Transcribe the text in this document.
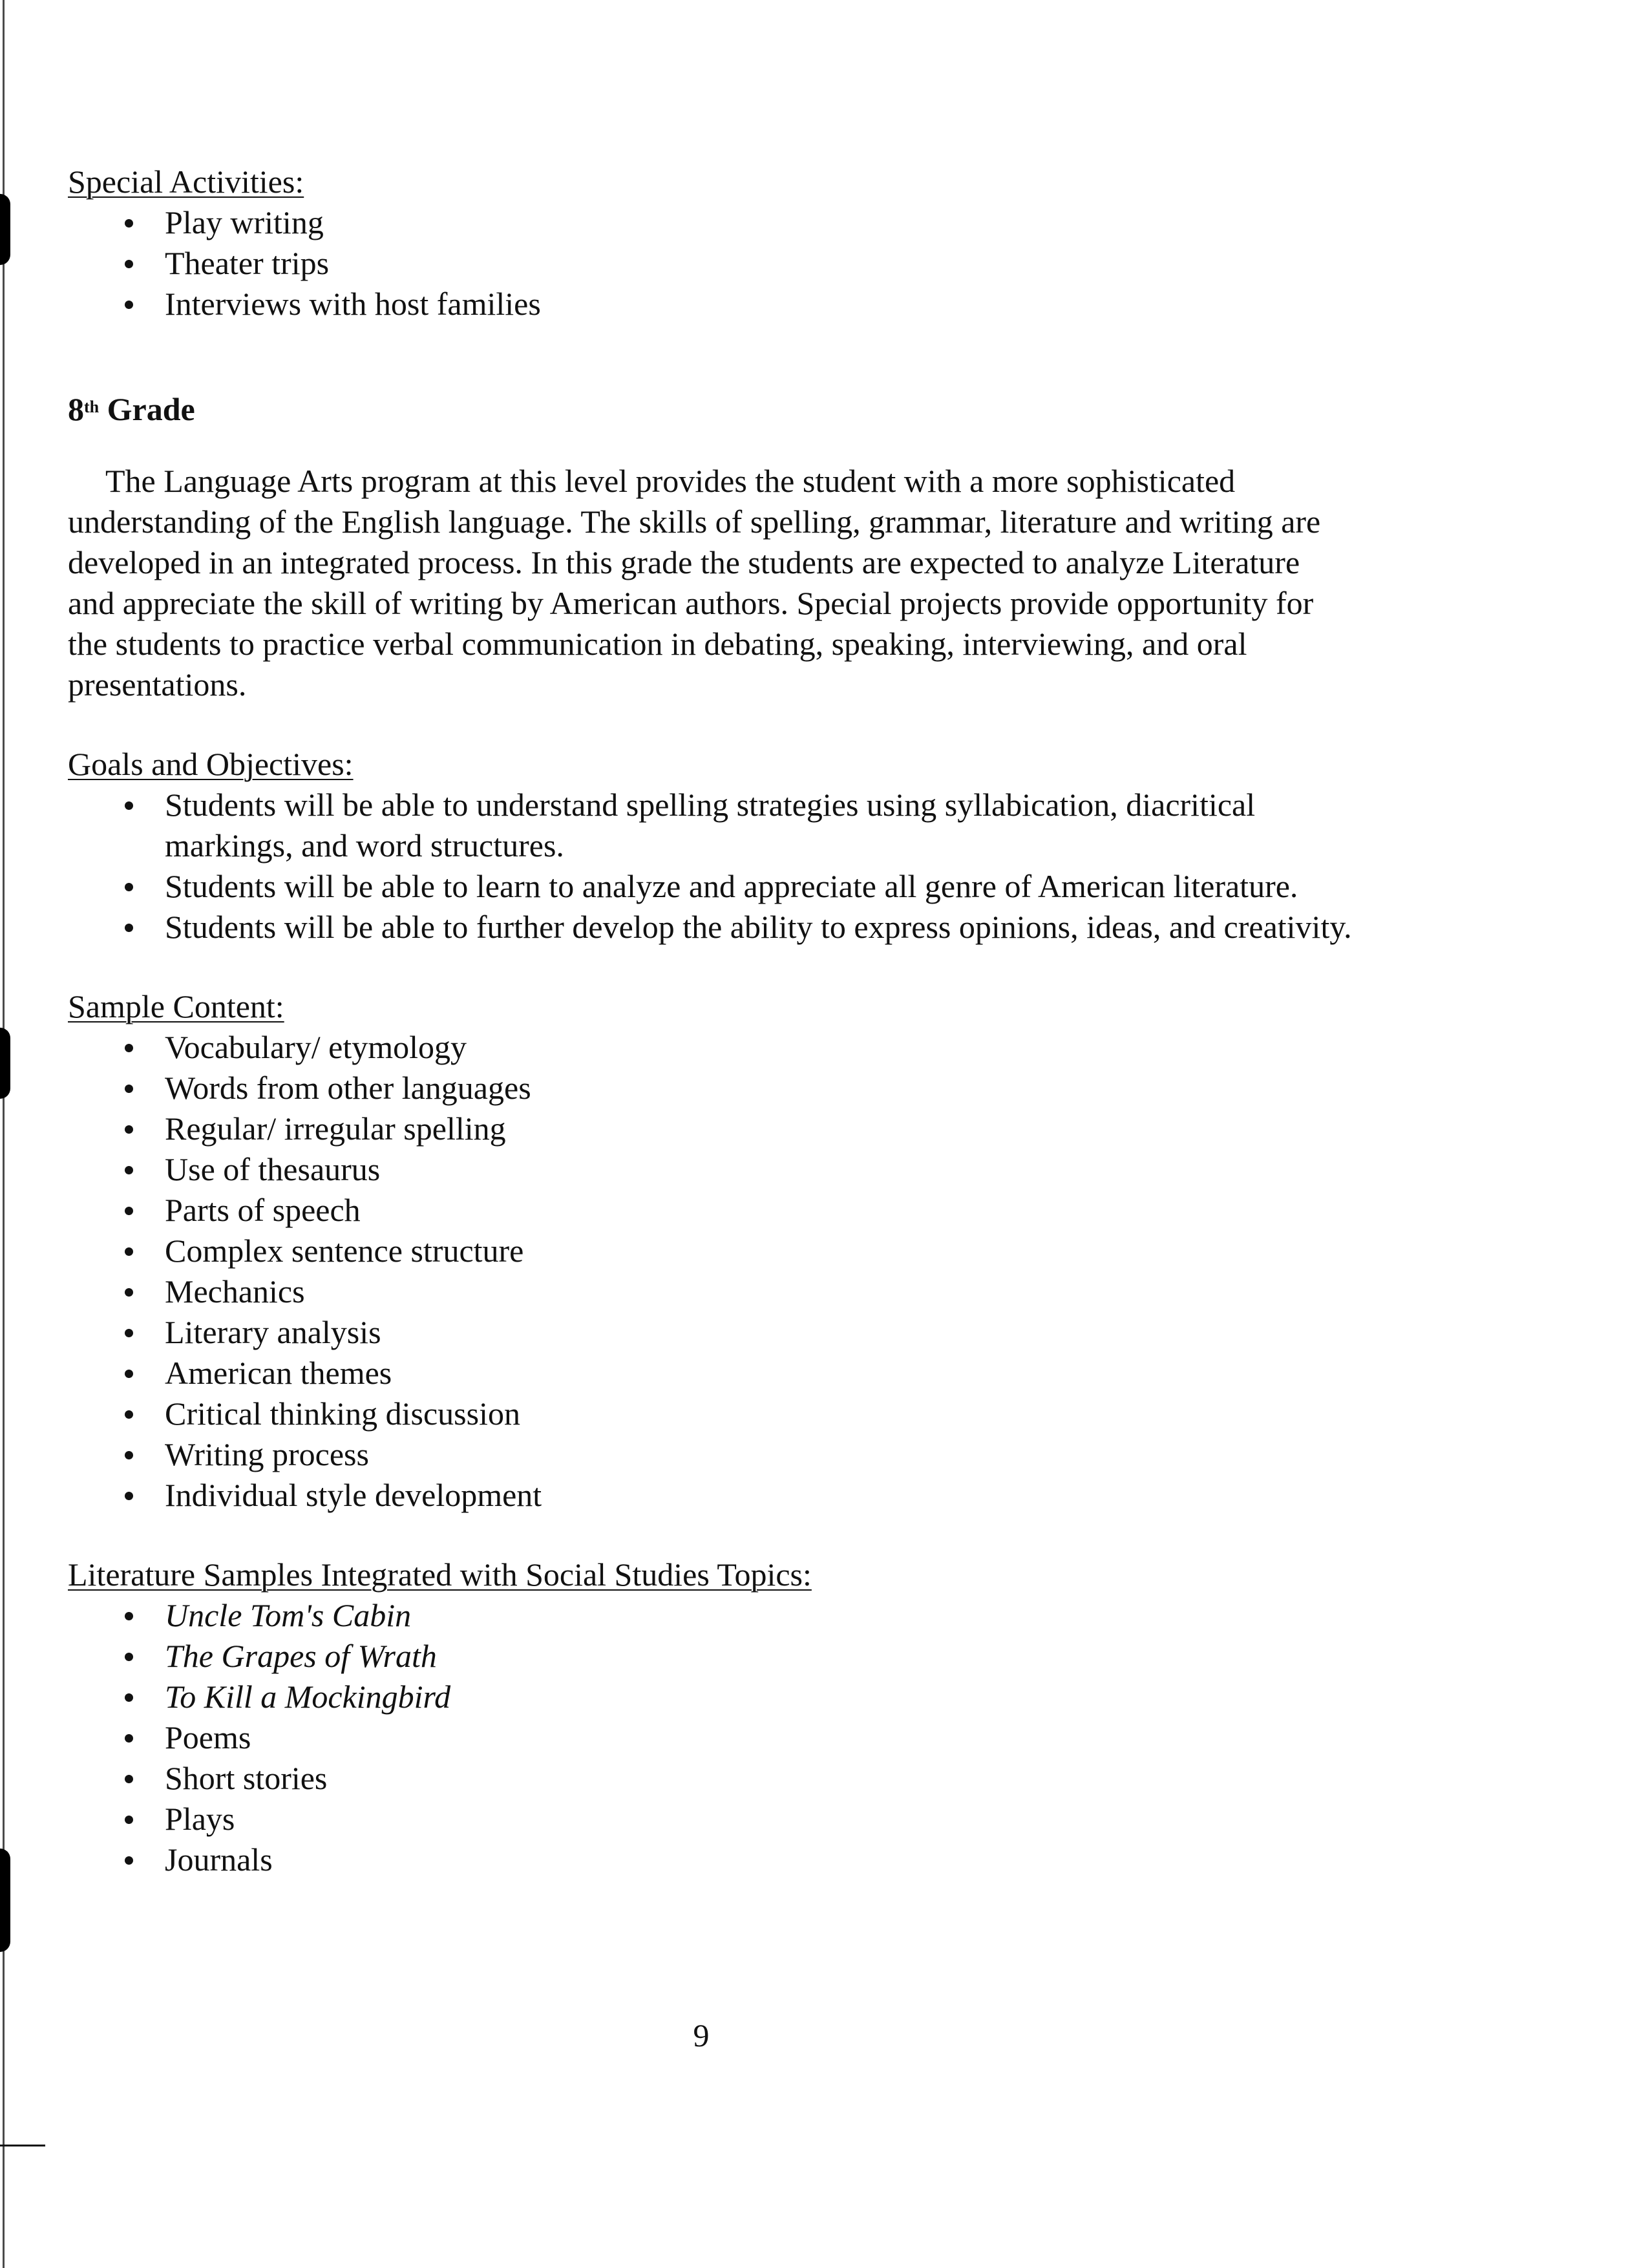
Special Activities:
Play writing
Theater trips
Interviews with host families
8th Grade

The Language Arts program at this level provides the student with a more sophisticated understanding of the English language. The skills of spelling, grammar, literature and writing are developed in an integrated process. In this grade the students are expected to analyze Literature and appreciate the skill of writing by American authors. Special projects provide opportunity for the students to practice verbal communication in debating, speaking, interviewing, and oral presentations.

Goals and Objectives:
Students will be able to understand spelling strategies using syllabication, diacritical markings, and word structures.
Students will be able to learn to analyze and appreciate all genre of American literature.
Students will be able to further develop the ability to express opinions, ideas, and creativity.
Sample Content:
Vocabulary/ etymology
Words from other languages
Regular/ irregular spelling
Use of thesaurus
Parts of speech
Complex sentence structure
Mechanics
Literary analysis
American themes
Critical thinking discussion
Writing process
Individual style development
Literature Samples Integrated with Social Studies Topics:
Uncle Tom's Cabin
The Grapes of Wrath
To Kill a Mockingbird
Poems
Short stories
Plays
Journals
9
